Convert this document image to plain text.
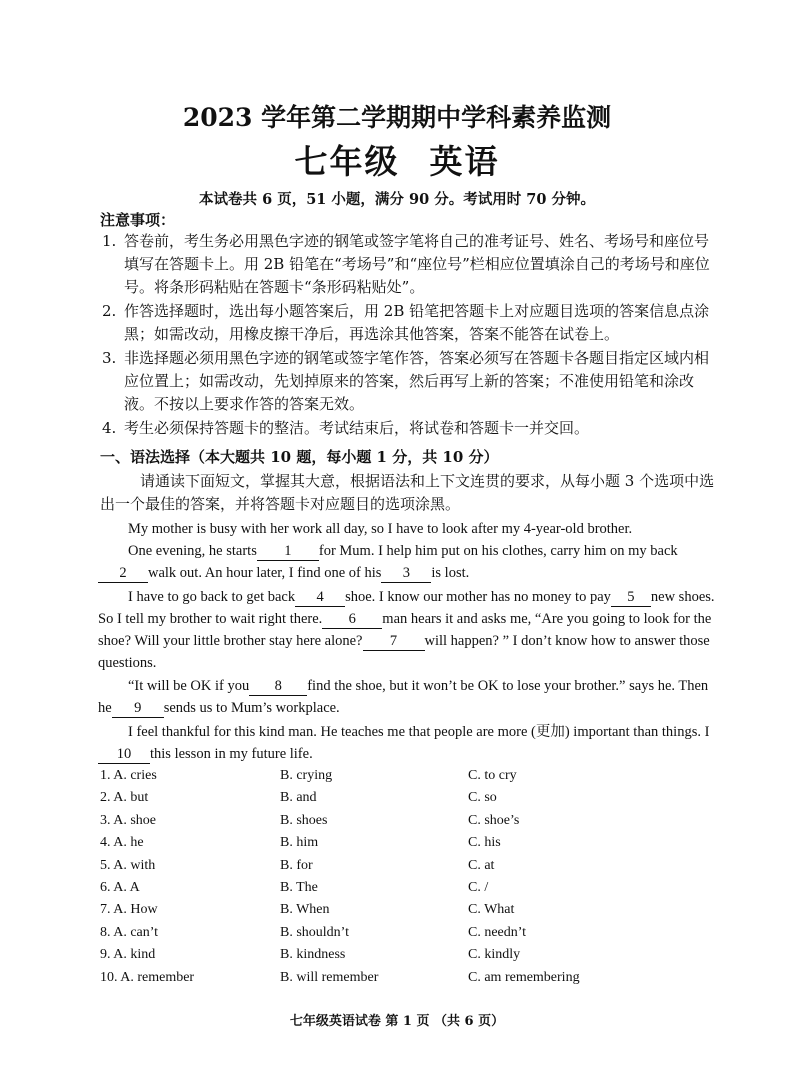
2023 学年第二学期期中学科素养监测
七年级 英语
本试卷共 6 页，51 小题，满分 90 分。考试用时 70 分钟。
注意事项：
1. 答卷前，考生务必用黑色字迹的钢笔或签字笔将自己的准考证号、姓名、考场号和座位号填写在答题卡上。用 2B 铅笔在“考场号”和“座位号”栏相应位置填涂自己的考场号和座位号。将条形码粘贴在答题卡“条形码粘贴处”。
2. 作答选择题时，选出每小题答案后，用 2B 铅笔把答题卡上对应题目选项的答案信息点涂黑；如需改动，用橡皮擦干净后，再选涂其他答案，答案不能答在试卷上。
3. 非选择题必须用黑色字迹的钢笔或签字笔作答，答案必须写在答题卡各题目指定区域内相应位置上；如需改动，先划掉原来的答案，然后再写上新的答案；不准使用铅笔和涂改液。不按以上要求作答的答案无效。
4. 考生必须保持答题卡的整洁。考试结束后，将试卷和答题卡一并交回。
一、语法选择（本大题共 10 题，每小题 1 分，共 10 分）
请通读下面短文，掌握其大意，根据语法和上下文连贯的要求，从每小题 3 个选项中选出一个最佳的答案，并将答题卡对应题目的选项涂黑。
My mother is busy with her work all day, so I have to look after my 4-year-old brother.
One evening, he starts 1 for Mum. I help him put on his clothes, carry him on my back2 walk out. An hour later, I find one of his 3 is lost.
I have to go back to get back 4 shoe. I know our mother has no money to pay 5 new shoes. So I tell my brother to wait right there. 6 man hears it and asks me, “Are you going to look for the shoe? Will your little brother stay here alone? 7 will happen? ” I don’t know how to answer those questions.
“It will be OK if you 8 find the shoe, but it won’t be OK to lose your brother.” says he. Then he 9 sends us to Mum’s workplace.
I feel thankful for this kind man. He teaches me that people are more (更加) important than things. I10 this lesson in my future life.
1. A. cries	B. crying	C. to cry
2. A. but	B. and	C. so
3. A. shoe	B. shoes	C. shoe’s
4. A. he	B. him	C. his
5. A. with	B. for	C. at
6. A. A	B. The	C. /
7. A. How	B. When	C. What
8. A. can’t	B. shouldn’t	C. needn’t
9. A. kind	B. kindness	C. kindly
10. A. remember	B. will remember	C. am remembering
七年级英语试卷 第 1 页 （共 6 页）
